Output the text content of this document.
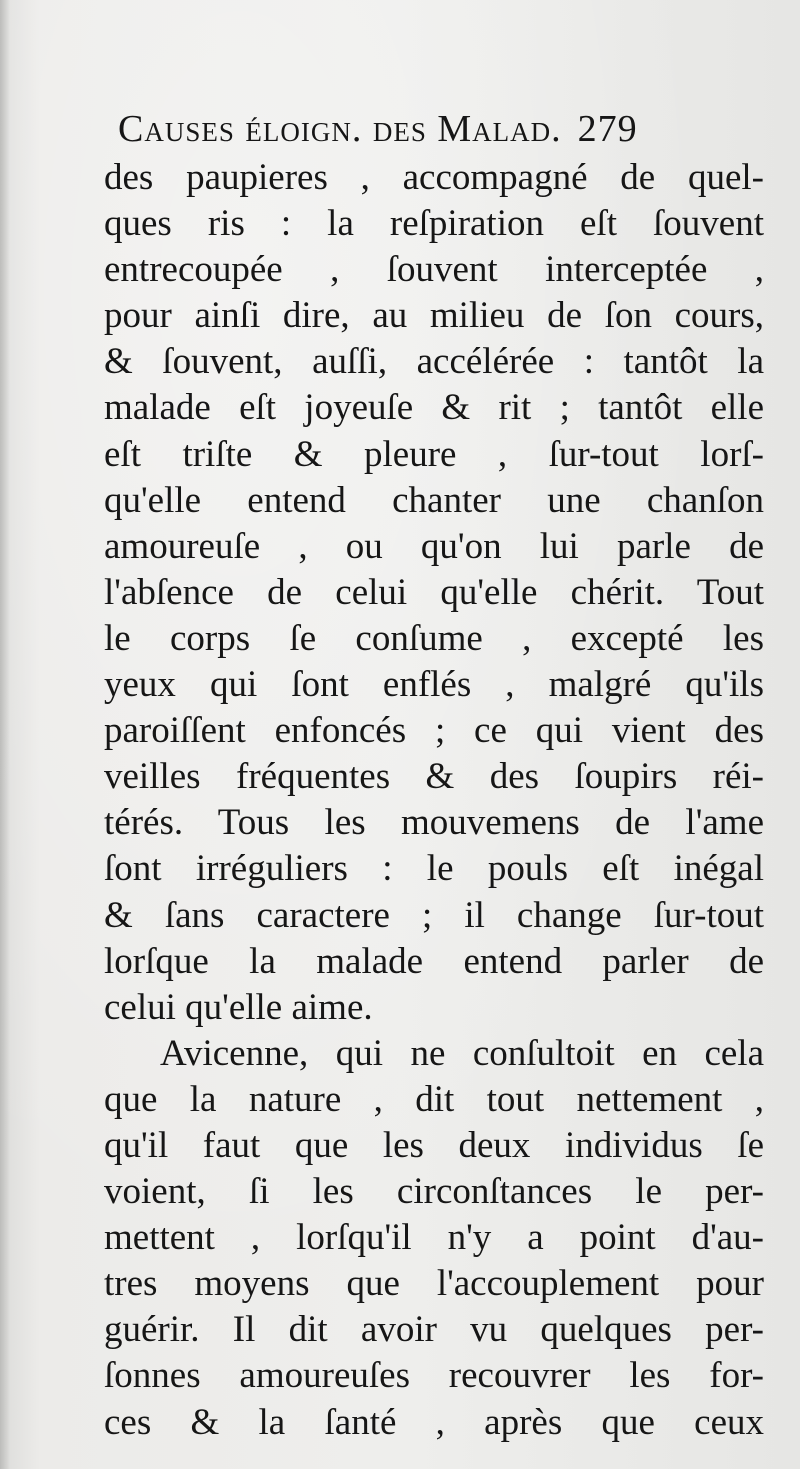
Causes éloign. des Malad. 279
des paupieres , accompagné de quel-
ques ris : la reſpiration eſt ſouvent
entrecoupée , ſouvent interceptée ,
pour ainſi dire, au milieu de ſon cours,
& ſouvent, auſſi, accélérée : tantôt la
malade eſt joyeuſe & rit ; tantôt elle
eſt triſte & pleure , ſur-tout lorſ-
qu'elle entend chanter une chanſon
amoureuſe , ou qu'on lui parle de
l'abſence de celui qu'elle chérit. Tout
le corps ſe conſume , excepté les
yeux qui ſont enflés , malgré qu'ils
paroiſſent enfoncés ; ce qui vient des
veilles fréquentes & des ſoupirs réi-
térés. Tous les mouvemens de l'ame
ſont irréguliers : le pouls eſt inégal
& ſans caractere ; il change ſur-tout
lorſque la malade entend parler de
celui qu'elle aime.
Avicenne, qui ne conſultoit en cela
que la nature , dit tout nettement ,
qu'il faut que les deux individus ſe
voient, ſi les circonſtances le per-
mettent , lorſqu'il n'y a point d'au-
tres moyens que l'accouplement pour
guérir. Il dit avoir vu quelques per-
ſonnes amoureuſes recouvrer les for-
ces & la ſanté , après que ceux
